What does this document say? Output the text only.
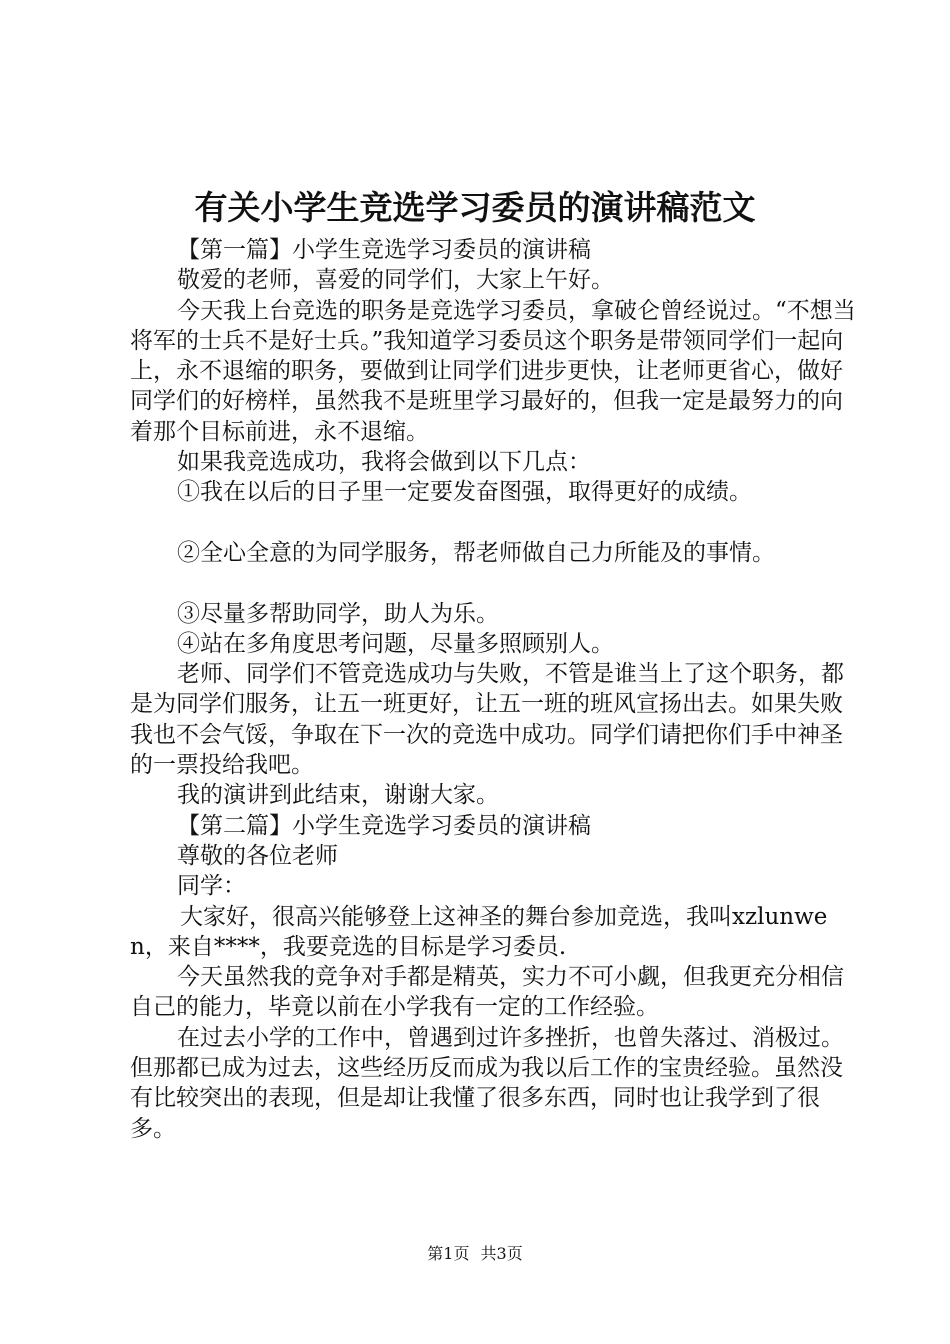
有关小学生竞选学习委员的演讲稿范文

【第一篇】小学生竞选学习委员的演讲稿

敬爱的老师，喜爱的同学们，大家上午好。

今天我上台竞选的职务是竞选学习委员，拿破仑曾经说过。“不想当将军的士兵不是好士兵。”我知道学习委员这个职务是带领同学们一起向上，永不退缩的职务，要做到让同学们进步更快，让老师更省心，做好同学们的好榜样，虽然我不是班里学习最好的，但我一定是最努力的向着那个目标前进，永不退缩。

如果我竞选成功，我将会做到以下几点：

①我在以后的日子里一定要发奋图强，取得更好的成绩。

②全心全意的为同学服务，帮老师做自己力所能及的事情。

③尽量多帮助同学，助人为乐。

④站在多角度思考问题，尽量多照顾别人。

老师、同学们不管竞选成功与失败，不管是谁当上了这个职务，都是为同学们服务，让五一班更好，让五一班的班风宣扬出去。如果失败我也不会气馁，争取在下一次的竞选中成功。同学们请把你们手中神圣的一票投给我吧。

我的演讲到此结束，谢谢大家。

【第二篇】小学生竞选学习委员的演讲稿

尊敬的各位老师

同学：

大家好，很高兴能够登上这神圣的舞台参加竞选，我叫xzlunwen，来自****，我要竞选的目标是学习委员.

今天虽然我的竞争对手都是精英，实力不可小觑，但我更充分相信自己的能力，毕竟以前在小学我有一定的工作经验。

在过去小学的工作中，曾遇到过许多挫折，也曾失落过、消极过。但那都已成为过去，这些经历反而成为我以后工作的宝贵经验。虽然没有比较突出的表现，但是却让我懂了很多东西，同时也让我学到了很多。

第1页 共3页
